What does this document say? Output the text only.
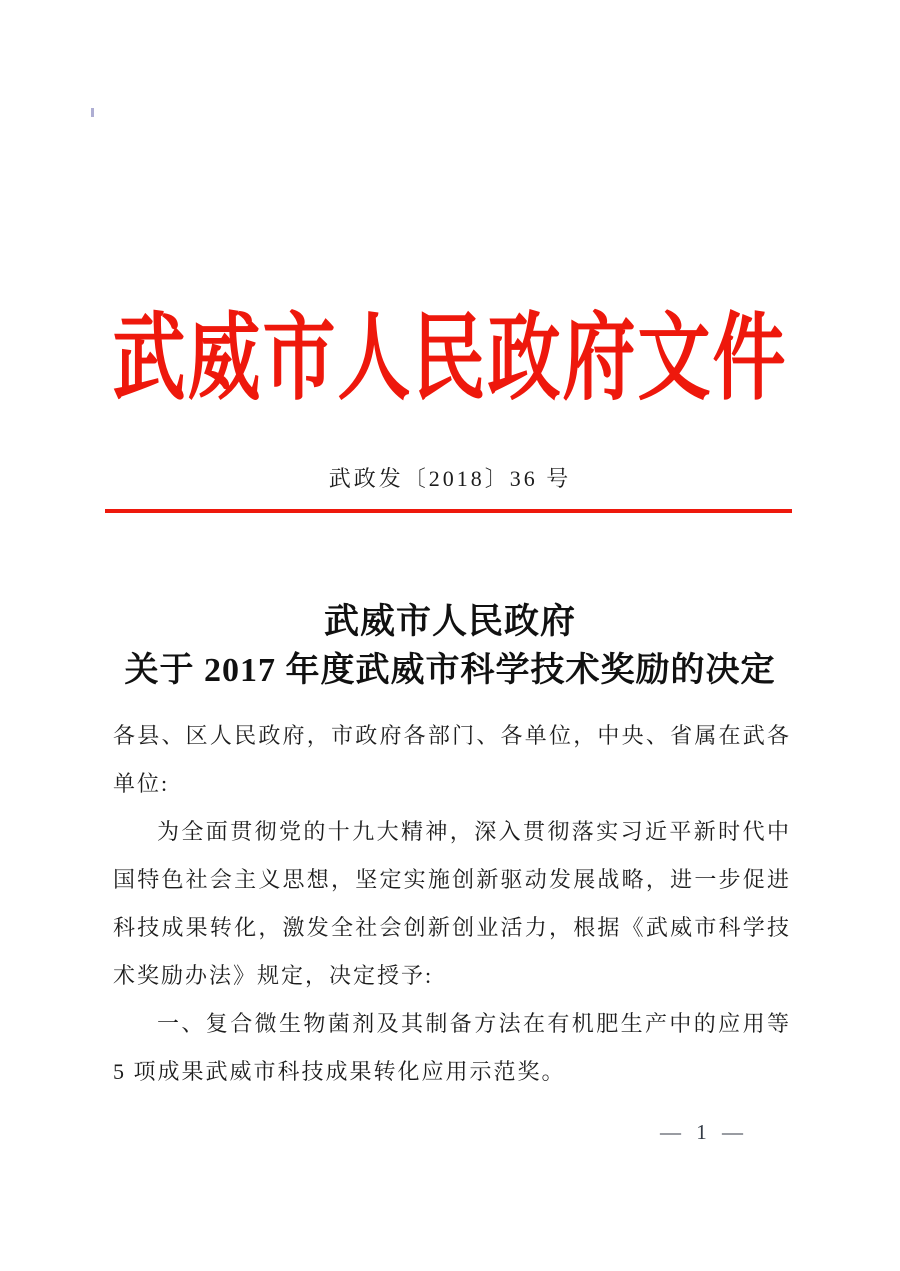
武威市人民政府文件
武政发〔2018〕36 号
武威市人民政府
关于 2017 年度武威市科学技术奖励的决定
各县、区人民政府，市政府各部门、各单位，中央、省属在武各
单位:
为全面贯彻党的十九大精神，深入贯彻落实习近平新时代中
国特色社会主义思想，坚定实施创新驱动发展战略，进一步促进
科技成果转化，激发全社会创新创业活力，根据《武威市科学技
术奖励办法》规定，决定授予:
一、复合微生物菌剂及其制备方法在有机肥生产中的应用等
5 项成果武威市科技成果转化应用示范奖。
— 1 —
